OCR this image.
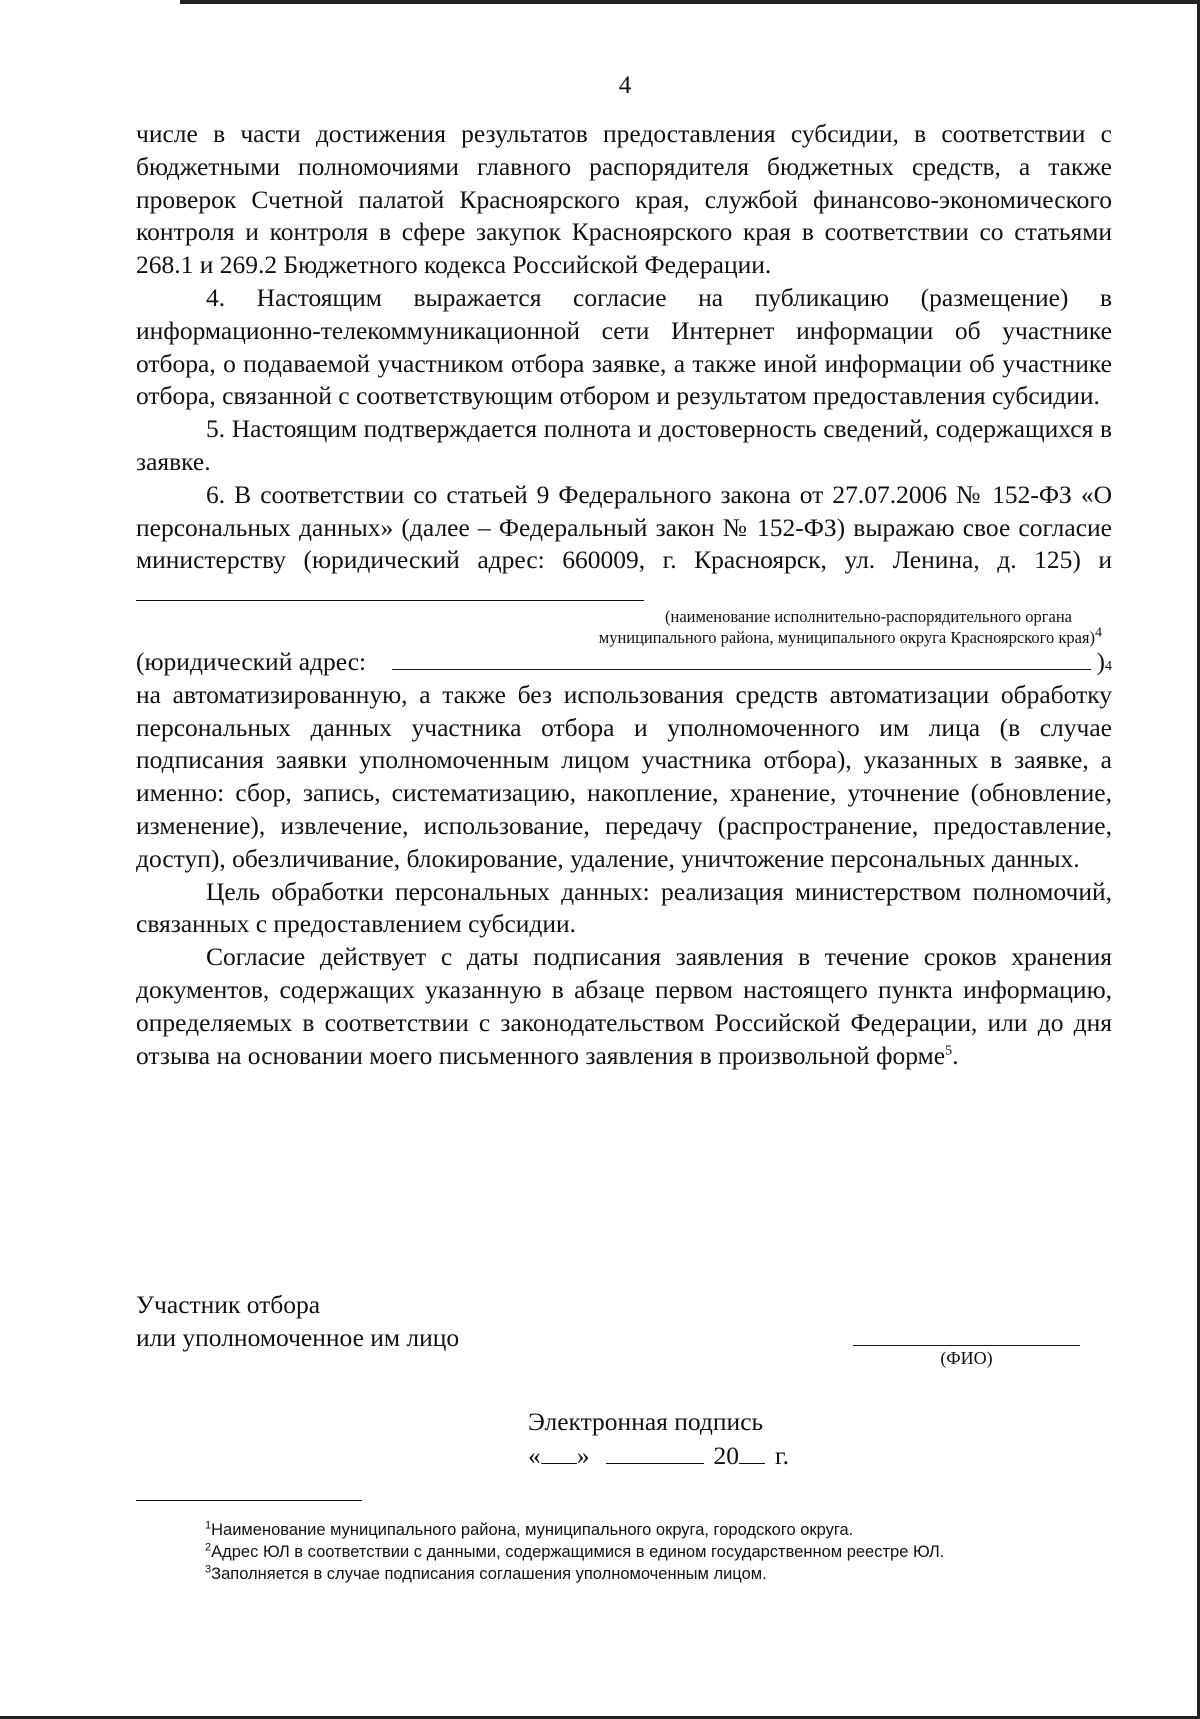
4

числе в части достижения результатов предоставления субсидии, в соответствии с бюджетными полномочиями главного распорядителя бюджетных средств, а также проверок Счетной палатой Красноярского края, службой финансово-экономического контроля и контроля в сфере закупок Красноярского края в соответствии со статьями 268.1 и 269.2 Бюджетного кодекса Российской Федерации.

4. Настоящим выражается согласие на публикацию (размещение) в информационно-телекоммуникационной сети Интернет информации об участнике отбора, о подаваемой участником отбора заявке, а также иной информации об участнике отбора, связанной с соответствующим отбором и результатом предоставления субсидии.

5. Настоящим подтверждается полнота и достоверность сведений, содержащихся в заявке.

6. В соответствии со статьей 9 Федерального закона от 27.07.2006 № 152-ФЗ «О персональных данных» (далее – Федеральный закон № 152-ФЗ) выражаю свое согласие министерству (юридический адрес: 660009, г. Красноярск, ул. Ленина, д. 125) и

(наименование исполнительно-распорядительного органа
муниципального района, муниципального округа Красноярского края)$^4$
(юридический адрес:	) 4

на автоматизированную, а также без использования средств автоматизации обработку персональных данных участника отбора и уполномоченного им лица (в случае подписания заявки уполномоченным лицом участника отбора), указанных в заявке, а именно: сбор, запись, систематизацию, накопление, хранение, уточнение (обновление, изменение), извлечение, использование, передачу (распространение, предоставление, доступ), обезличивание, блокирование, удаление, уничтожение персональных данных.

Цель обработки персональных данных: реализация министерством полномочий, связанных с предоставлением субсидии.

Согласие действует с даты подписания заявления в течение сроков хранения документов, содержащих указанную в абзаце первом настоящего пункта информацию, определяемых в соответствии с законодательством Российской Федерации, или до дня отзыва на основании моего письменного заявления в произвольной форме$^5$.

Участник отбора
или уполномоченное им лицо
(ФИО)
Электронная подпись
« »	20 г.
$^1$Наименование муниципального района, муниципального округа, городского округа.
$^2$Адрес ЮЛ в соответствии с данными, содержащимися в едином государственном реестре ЮЛ.
$^3$Заполняется в случае подписания соглашения уполномоченным лицом.
